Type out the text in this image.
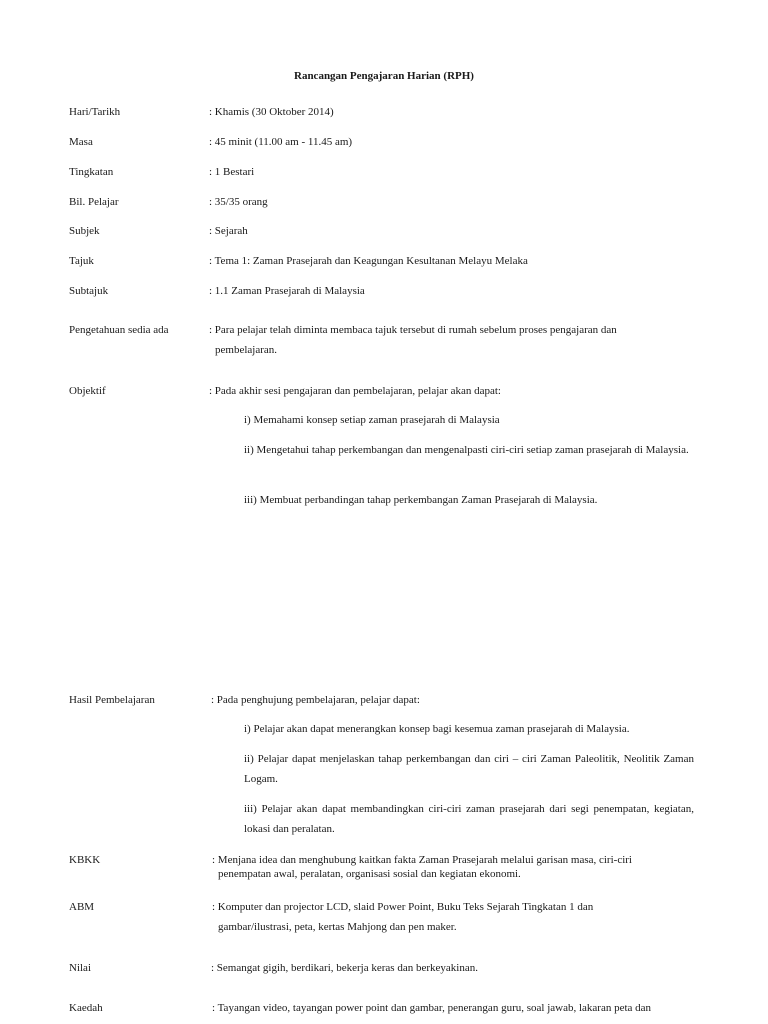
Rancangan Pengajaran Harian (RPH)
Hari/Tarikh	: Khamis (30 Oktober 2014)
Masa	: 45 minit (11.00 am - 11.45 am)
Tingkatan	: 1 Bestari
Bil. Pelajar	: 35/35 orang
Subjek	: Sejarah
Tajuk	: Tema 1: Zaman Prasejarah dan Keagungan Kesultanan Melayu Melaka
Subtajuk	: 1.1 Zaman Prasejarah di Malaysia
Pengetahuan sedia ada	: Para pelajar telah diminta membaca tajuk tersebut di rumah sebelum proses pengajaran dan
pembelajaran.
Objektif	: Pada akhir sesi pengajaran dan pembelajaran, pelajar akan dapat:
i) Memahami konsep setiap zaman prasejarah di Malaysia
ii) Mengetahui tahap perkembangan dan mengenalpasti ciri-ciri setiap zaman prasejarah di Malaysia.
iii) Membuat perbandingan tahap perkembangan Zaman Prasejarah di Malaysia.
Hasil Pembelajaran	: Pada penghujung pembelajaran, pelajar dapat:
i) Pelajar akan dapat menerangkan konsep bagi kesemua zaman prasejarah di Malaysia.
ii) Pelajar dapat menjelaskan tahap perkembangan dan ciri – ciri Zaman Paleolitik, Neolitik Zaman Logam.
iii) Pelajar akan dapat membandingkan ciri-ciri zaman prasejarah dari segi penempatan, kegiatan, lokasi dan peralatan.
KBKK	: Menjana idea dan menghubung kaitkan fakta Zaman Prasejarah melalui garisan masa, ciri-ciri
penempatan awal, peralatan, organisasi sosial dan kegiatan ekonomi.
ABM	: Komputer dan projector LCD, slaid Power Point, Buku Teks Sejarah Tingkatan 1 dan
gambar/ilustrasi, peta, kertas Mahjong dan pen maker.
Nilai	: Semangat gigih, berdikari, bekerja keras dan berkeyakinan.
Kaedah	: Tayangan video, tayangan power point dan gambar, penerangan guru, soal jawab, lakaran peta dan
